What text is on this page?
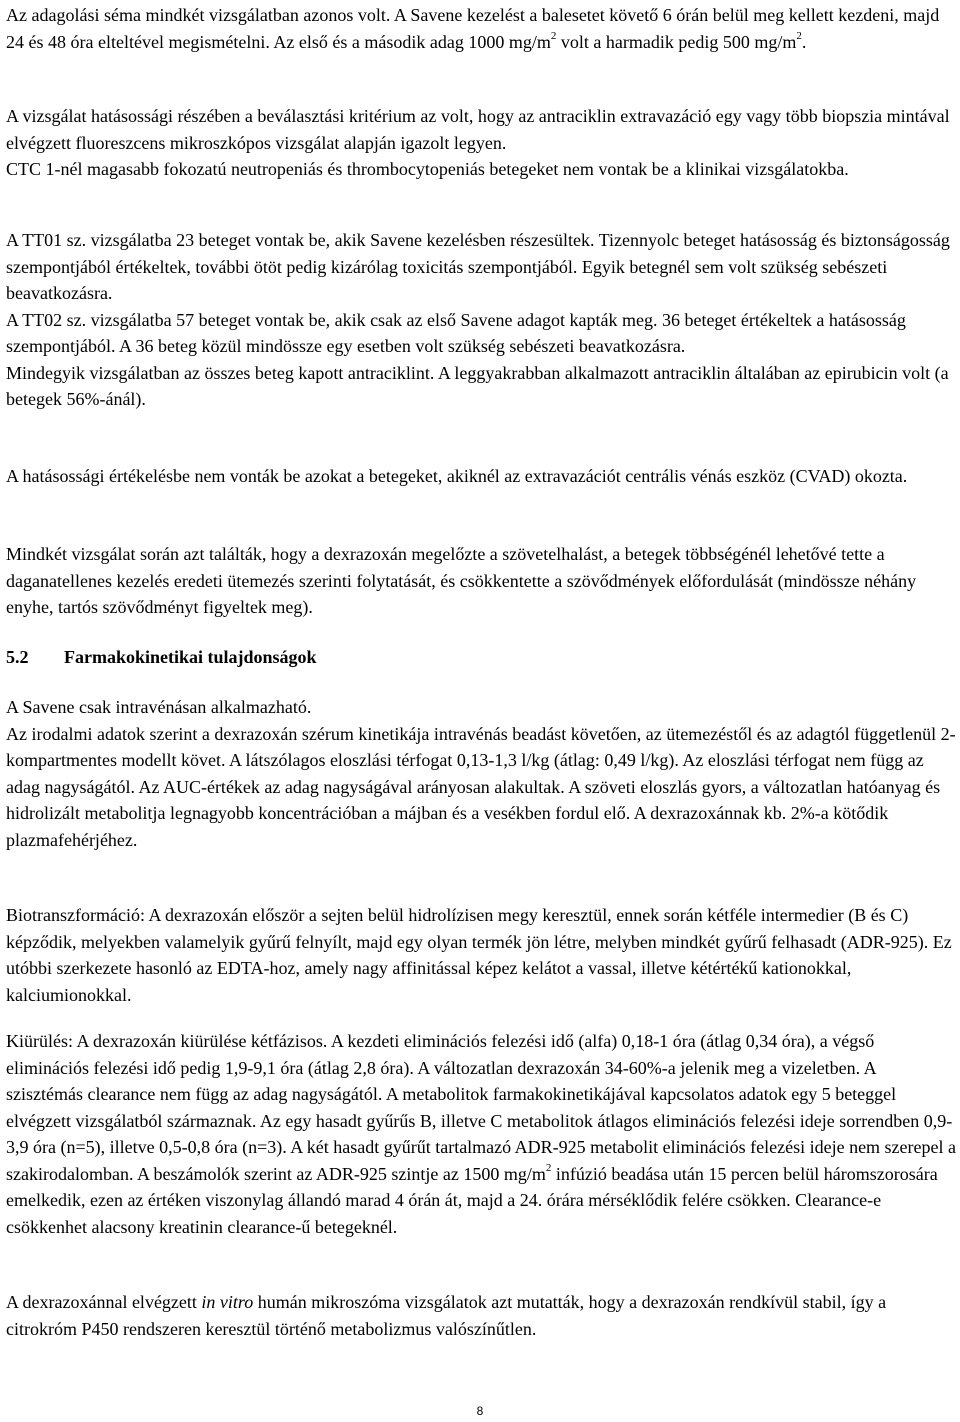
Az adagolási séma mindkét vizsgálatban azonos volt. A Savene kezelést a balesetet követő 6 órán belül meg kellett kezdeni, majd 24 és 48 óra elteltével megismételni. Az első és a második adag 1000 $mg/m^2$ volt a harmadik pedig 500 $mg/m^2$.

A vizsgálat hatásossági részében a beválasztási kritérium az volt, hogy az antraciklin extravazáció egy vagy több biopszia mintával elvégzett fluoreszcens mikroszkópos vizsgálat alapján igazolt legyen.

CTC 1-nél magasabb fokozatú neutropeniás és thrombocytopeniás betegeket nem vontak be a klinikai vizsgálatokba.

A TT01 sz. vizsgálatba 23 beteget vontak be, akik Savene kezelésben részesültek. Tizennyolc beteget hatásosság és biztonságosság szempontjából értékeltek, további ötöt pedig kizárólag toxicitás szempontjából. Egyik betegnél sem volt szükség sebészeti beavatkozásra.

A TT02 sz. vizsgálatba 57 beteget vontak be, akik csak az első Savene adagot kapták meg. 36 beteget értékeltek a hatásosság szempontjából. A 36 beteg közül mindössze egy esetben volt szükség sebészeti beavatkozásra.

Mindegyik vizsgálatban az összes beteg kapott antraciklint. A leggyakrabban alkalmazott antraciklin általában az epirubicin volt (a betegek 56%-ánál).

A hatásossági értékelésbe nem vonták be azokat a betegeket, akiknél az extravazációt centrális vénás eszköz (CVAD) okozta.

Mindkét vizsgálat során azt találták, hogy a dexrazoxán megelőzte a szövetelhalást, a betegek többségénél lehetővé tette a daganatellenes kezelés eredeti ütemezés szerinti folytatását, és csökkentette a szövődmények előfordulását (mindössze néhány enyhe, tartós szövődményt figyeltek meg).

5.2 Farmakokinetikai tulajdonságok

A Savene csak intravénásan alkalmazható.

Az irodalmi adatok szerint a dexrazoxán szérum kinetikája intravénás beadást követően, az ütemezéstől és az adagtól függetlenül 2-kompartmentes modellt követ. A látszólagos eloszlási térfogat 0,13-1,3 l/kg (átlag: 0,49 l/kg). Az eloszlási térfogat nem függ az adag nagyságától. Az AUC-értékek az adag nagyságával arányosan alakultak. A szöveti eloszlás gyors, a változatlan hatóanyag és hidrolizált metabolitja legnagyobb koncentrációban a májban és a vesékben fordul elő. A dexrazoxánnak kb. 2%-a kötődik plazmafehérjéhez.

Biotranszformáció: A dexrazoxán először a sejten belül hidrolízisen megy keresztül, ennek során kétféle intermedier (B és C) képződik, melyekben valamelyik gyűrű felnyílt, majd egy olyan termék jön létre, melyben mindkét gyűrű felhasadt (ADR-925). Ez utóbbi szerkezete hasonló az EDTA-hoz, amely nagy affinitással képez kelátot a vassal, illetve kétértékű kationokkal, kalciumionokkal.

Kiürülés: A dexrazoxán kiürülése kétfázisos. A kezdeti eliminációs felezési idő (alfa) 0,18-1 óra (átlag 0,34 óra), a végső eliminációs felezési idő pedig 1,9-9,1 óra (átlag 2,8 óra). A változatlan dexrazoxán 34-60%-a jelenik meg a vizeletben. A szisztémás clearance nem függ az adag nagyságától. A metabolitok farmakokinetikájával kapcsolatos adatok egy 5 beteggel elvégzett vizsgálatból származnak. Az egy hasadt gyűrűs B, illetve C metabolitok átlagos eliminációs felezési ideje sorrendben 0,9-3,9 óra (n=5), illetve 0,5-0,8 óra (n=3). A két hasadt gyűrűt tartalmazó ADR-925 metabolit eliminációs felezési ideje nem szerepel a szakirodalomban. A beszámolók szerint az ADR-925 szintje az 1500 $mg/m^2$ infúzió beadása után 15 percen belül háromszorosára emelkedik, ezen az értéken viszonylag állandó marad 4 órán át, majd a 24. órára mérséklődik felére csökken. Clearance-e csökkenhet alacsony kreatinin clearance-ű betegeknél.

A dexrazoxánnal elvégzett in vitro humán mikroszóma vizsgálatok azt mutatták, hogy a dexrazoxán rendkívül stabil, így a citrokróm P450 rendszeren keresztül történő metabolizmus valószínűtlen.

8
